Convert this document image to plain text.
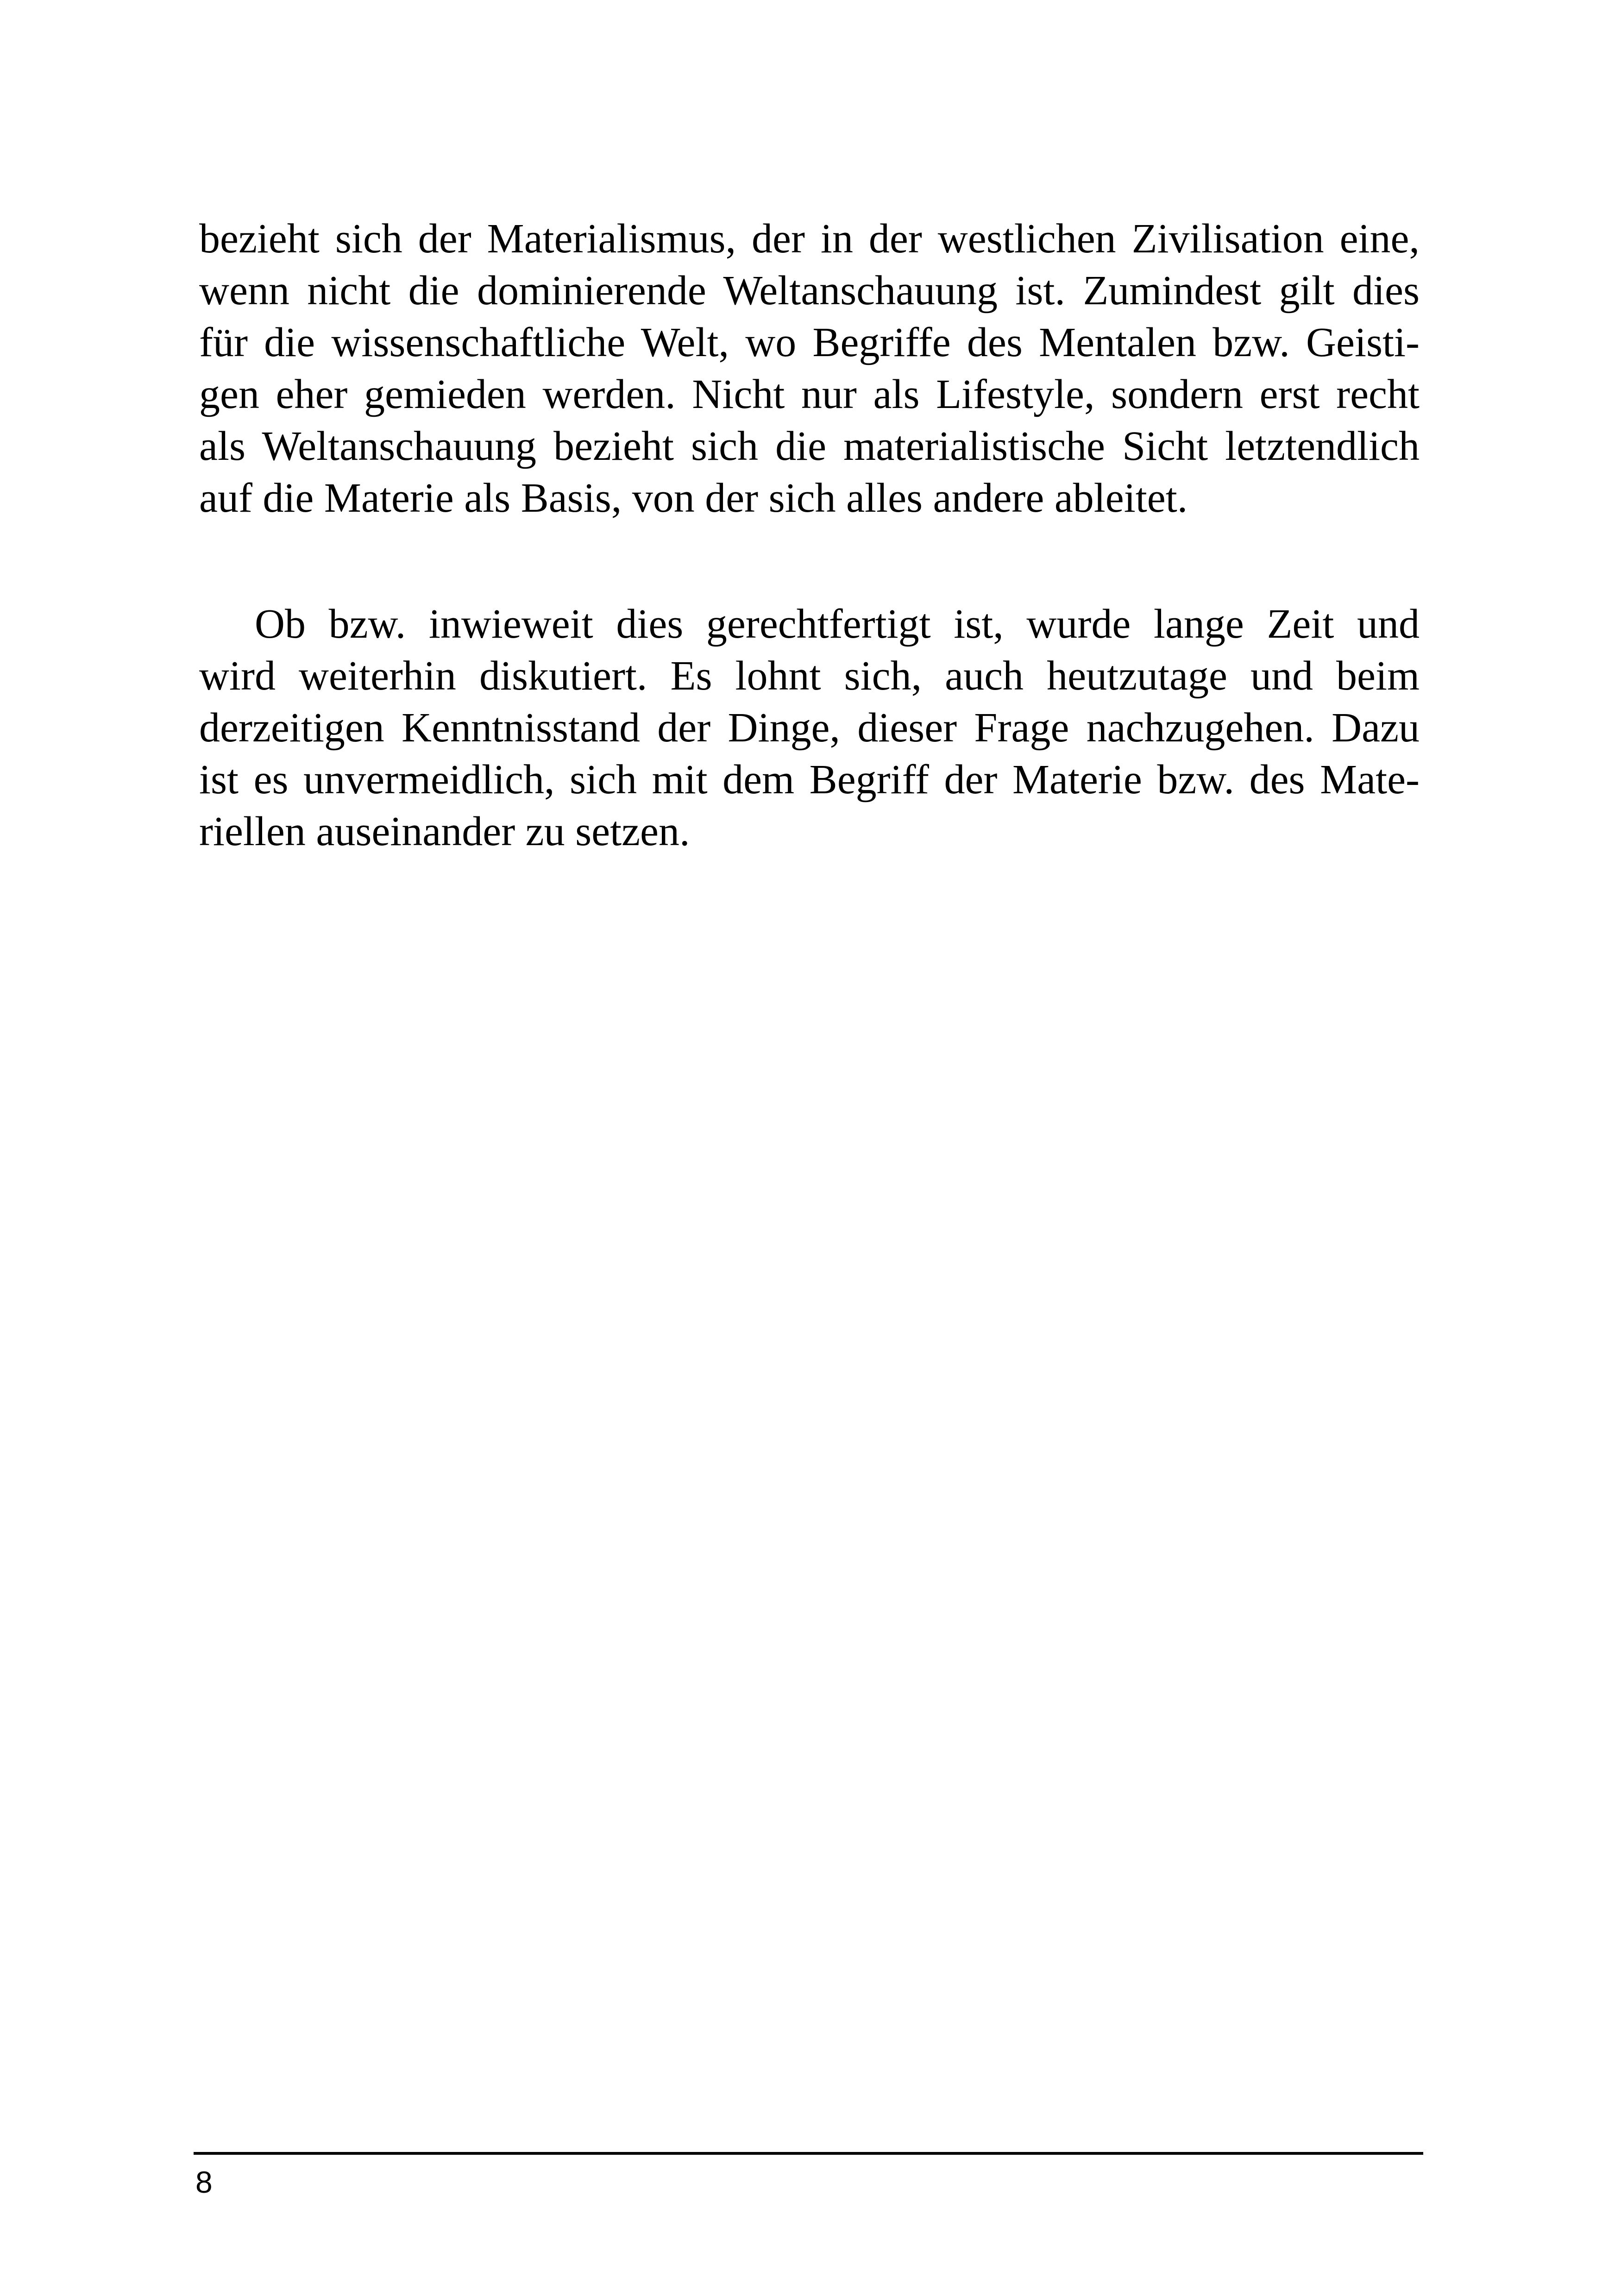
bezieht sich der Materialismus, der in der westlichen Zivilisation eine,
wenn nicht die dominierende Weltanschauung ist. Zumindest gilt dies
für die wissenschaftliche Welt, wo Begriffe des Mentalen bzw. Geisti-
gen eher gemieden werden. Nicht nur als Lifestyle, sondern erst recht
als Weltanschauung bezieht sich die materialistische Sicht letztendlich
auf die Materie als Basis, von der sich alles andere ableitet.
Ob bzw. inwieweit dies gerechtfertigt ist, wurde lange Zeit und
wird weiterhin diskutiert. Es lohnt sich, auch heutzutage und beim
derzeitigen Kenntnisstand der Dinge, dieser Frage nachzugehen. Dazu
ist es unvermeidlich, sich mit dem Begriff der Materie bzw. des Mate-
riellen auseinander zu setzen.
8
